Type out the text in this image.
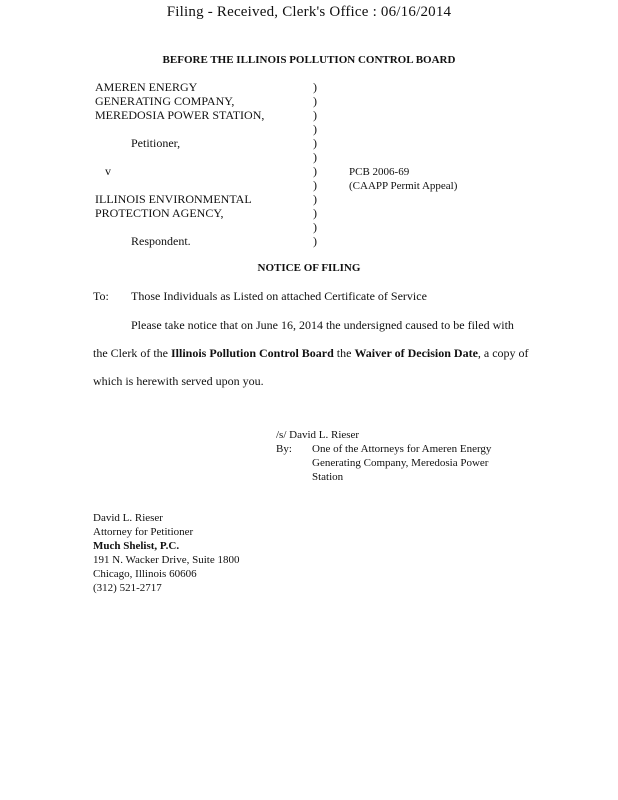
Filing - Received, Clerk's Office : 06/16/2014
BEFORE THE ILLINOIS POLLUTION CONTROL BOARD
AMEREN ENERGY
GENERATING COMPANY,
MEREDOSIA POWER STATION,
Petitioner,
v
ILLINOIS ENVIRONMENTAL
PROTECTION AGENCY,
Respondent.
)
)
)
)
)
)
)
)
)
)
)
)
PCB 2006-69
(CAAPP Permit Appeal)
NOTICE OF FILING
To: Those Individuals as Listed on attached Certificate of Service
Please take notice that on June 16, 2014 the undersigned caused to be filed with
the Clerk of the Illinois Pollution Control Board the Waiver of Decision Date, a copy of
which is herewith served upon you.
/s/ David L. Rieser
By: One of the Attorneys for Ameren Energy
Generating Company, Meredosia Power
Station
David L. Rieser
Attorney for Petitioner
Much Shelist, P.C.
191 N. Wacker Drive, Suite 1800
Chicago, Illinois 60606
(312) 521-2717
